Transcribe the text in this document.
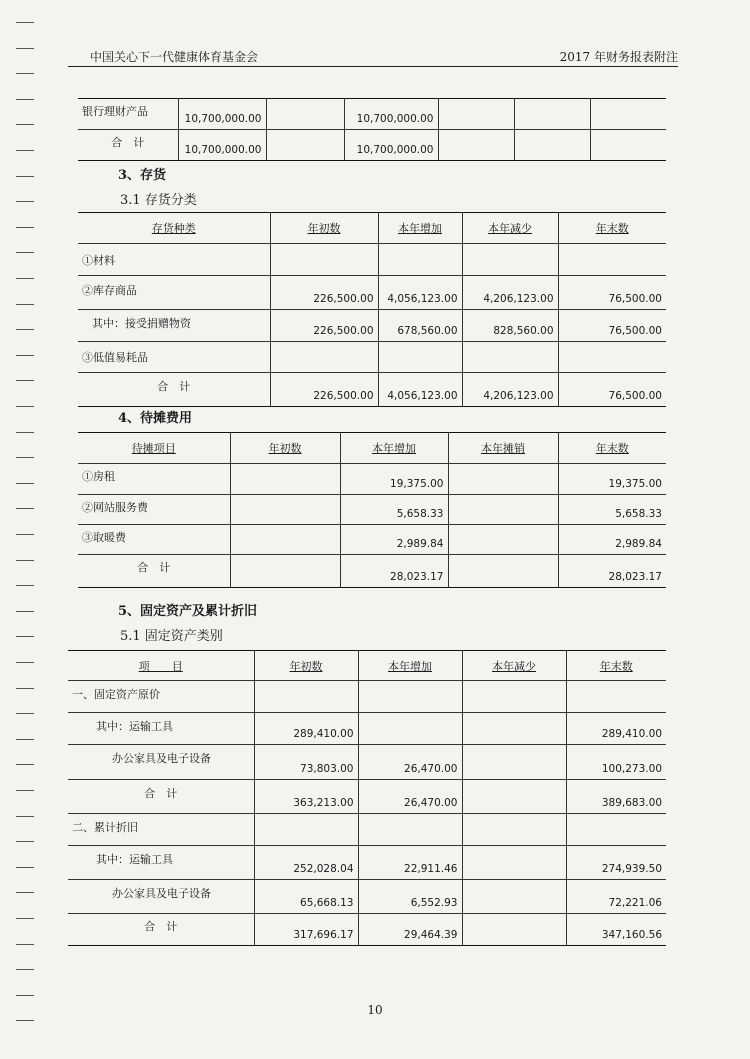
中国关心下一代健康体育基金会	2017 年财务报表附注
银行理财产品	10,700,000.00		10,700,000.00			
合　计	10,700,000.00		10,700,000.00			
3、存货
3.1 存货分类
存货种类	年初数	本年增加	本年减少	年末数
①材料				
②库存商品	226,500.00	4,056,123.00	4,206,123.00	76,500.00
其中：接受捐赠物资	226,500.00	678,560.00	828,560.00	76,500.00
③低值易耗品				
合　计	226,500.00	4,056,123.00	4,206,123.00	76,500.00
4、待摊费用
待摊项目	年初数	本年增加	本年摊销	年末数
①房租		19,375.00		19,375.00
②网站服务费		5,658.33		5,658.33
③取暖费		2,989.84		2,989.84
合　计		28,023.17		28,023.17
5、固定资产及累计折旧
5.1 固定资产类别
项　　目	年初数	本年增加	本年减少	年末数
一、固定资产原价				
其中：运输工具	289,410.00			289,410.00
办公家具及电子设备	73,803.00	26,470.00		100,273.00
合　计	363,213.00	26,470.00		389,683.00
二、累计折旧				
其中：运输工具	252,028.04	22,911.46		274,939.50
办公家具及电子设备	65,668.13	6,552.93		72,221.06
合　计	317,696.17	29,464.39		347,160.56
10
